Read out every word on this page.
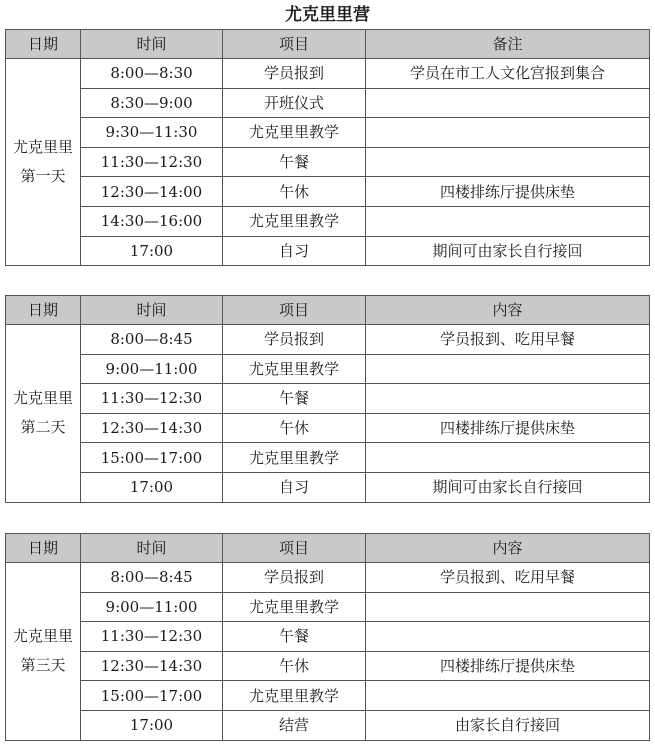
尤克里里营
日期	时间	项目	备注
尤克里里第一天	8:00—8:30	学员报到	学员在市工人文化宫报到集合
	8:30—9:00	开班仪式	
	9:30—11:30	尤克里里教学	
	11:30—12:30	午餐	
	12:30—14:00	午休	四楼排练厅提供床垫
	14:30—16:00	尤克里里教学	
	17:00	自习	期间可由家长自行接回
日期	时间	项目	内容
尤克里里第二天	8:00—8:45	学员报到	学员报到、吃用早餐
	9:00—11:00	尤克里里教学	
	11:30—12:30	午餐	
	12:30—14:30	午休	四楼排练厅提供床垫
	15:00—17:00	尤克里里教学	
	17:00	自习	期间可由家长自行接回
日期	时间	项目	内容
尤克里里第三天	8:00—8:45	学员报到	学员报到、吃用早餐
	9:00—11:00	尤克里里教学	
	11:30—12:30	午餐	
	12:30—14:30	午休	四楼排练厅提供床垫
	15:00—17:00	尤克里里教学	
	17:00	结营	由家长自行接回
